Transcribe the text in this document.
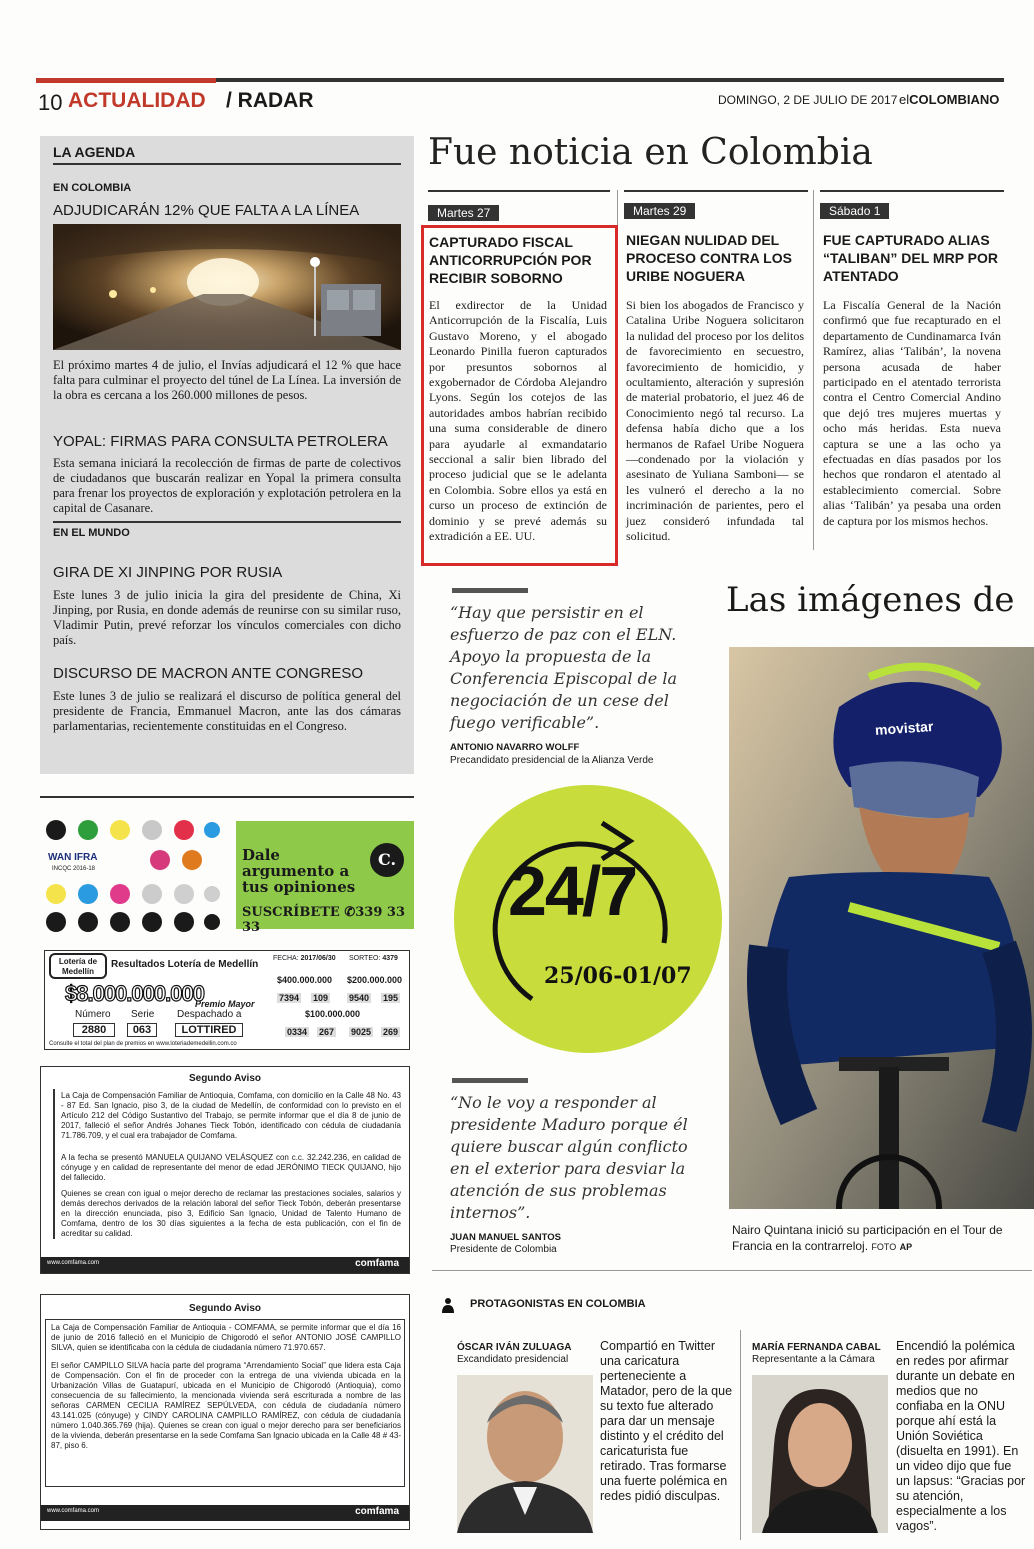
10 ACTUALIDAD / RADAR	DOMINGO, 2 DE JULIO DE 2017 elCOLOMBIANO
LA AGENDA
EN COLOMBIA
ADJUDICARÁN 12% QUE FALTA A LA LÍNEA

El próximo martes 4 de julio, el Invías adjudicará el 12 % que hace falta para culminar el proyecto del túnel de La Línea. La inversión de la obra es cercana a los 260.000 millones de pesos.

YOPAL: FIRMAS PARA CONSULTA PETROLERA

Esta semana iniciará la recolección de firmas de parte de colectivos de ciudadanos que buscarán realizar en Yopal la primera consulta para frenar los proyectos de exploración y explotación petrolera en la capital de Casanare.

EN EL MUNDO
GIRA DE XI JINPING POR RUSIA

Este lunes 3 de julio inicia la gira del presidente de China, Xi Jinping, por Rusia, en donde además de reunirse con su similar ruso, Vladimir Putin, prevé reforzar los vínculos comerciales con dicho país.

DISCURSO DE MACRON ANTE CONGRESO

Este lunes 3 de julio se realizará el discurso de política general del presidente de Francia, Emmanuel Macron, ante las dos cámaras parlamentarias, recientemente constituidas en el Congreso.

Fue noticia en Colombia
Martes 27	Martes 29	Sábado 1
CAPTURADO FISCAL ANTICORRUPCIÓN POR RECIBIR SOBORNO
NIEGAN NULIDAD DEL PROCESO CONTRA LOS URIBE NOGUERA
FUE CAPTURADO ALIAS “TALIBAN” DEL MRP POR ATENTADO

El exdirector de la Unidad Anticorrupción de la Fiscalía, Luis Gustavo Moreno, y el abogado Leonardo Pinilla fueron capturados por presuntos sobornos al exgobernador de Córdoba Alejandro Lyons. Según los cotejos de las autoridades ambos habrían recibido una suma considerable de dinero para ayudarle al exmandatario seccional a salir bien librado del proceso judicial que se le adelanta en Colombia. Sobre ellos ya está en curso un proceso de extinción de dominio y se prevé además su extradición a EE. UU.

Si bien los abogados de Francisco y Catalina Uribe Noguera solicitaron la nulidad del proceso por los delitos de favorecimiento en secuestro, favorecimiento de homicidio, y ocultamiento, alteración y supresión de material probatorio, el juez 46 de Conocimiento negó tal recurso. La defensa había dicho que a los hermanos de Rafael Uribe Noguera —condenado por la violación y asesinato de Yuliana Samboni— se les vulneró el derecho a la no incriminación de parientes, pero el juez consideró infundada tal solicitud.

La Fiscalía General de la Nación confirmó que fue recapturado en el departamento de Cundinamarca Iván Ramírez, alias ‘Talibán’, la novena persona acusada de haber participado en el atentado terrorista contra el Centro Comercial Andino que dejó tres mujeres muertas y ocho más heridas. Esta nueva captura se une a las ocho ya efectuadas en días pasados por los hechos que rondaron el atentado al establecimiento comercial. Sobre alias ‘Talibán’ ya pesaba una orden de captura por los mismos hechos.

“Hay que persistir en el esfuerzo de paz con el ELN. Apoyo la propuesta de la Conferencia Episcopal de la negociación de un cese del fuego verificable”.

ANTONIO NAVARRO WOLFF
Precandidato presidencial de la Alianza Verde
24/7
25/06-01/07

“No le voy a responder al presidente Maduro porque él quiere buscar algún conflicto en el exterior para desviar la atención de sus problemas internos”.

JUAN MANUEL SANTOS
Presidente de Colombia
Las imágenes de
movistar
Nairo Quintana inició su participación en el Tour de Francia en la contrarreloj. FOTO AP
PROTAGONISTAS EN COLOMBIA
ÓSCAR IVÁN ZULUAGA
Excandidato presidencial
Compartió en Twitter una caricatura perteneciente a Matador, pero de la que su texto fue alterado para dar un mensaje distinto y el crédito del caricaturista fue retirado. Tras formarse una fuerte polémica en redes pidió disculpas.
MARÍA FERNANDA CABAL
Representante a la Cámara
Encendió la polémica en redes por afirmar durante un debate en medios que no confiaba en la ONU porque ahí está la Unión Soviética (disuelta en 1991). En un video dijo que fue un lapsus: “Gracias por su atención, especialmente a los vagos”.
WAN IFRA
INCQC 2016-18
Dale argumento a tus opiniones
C.
SUSCRÍBETE ✆339 33 33
Lotería de Medellín
Resultados Lotería de Medellín
$8.000.000.000
Premio Mayor
Número Serie Despachado a
2880	063	LOTTIRED
FECHA: 2017/06/30 SORTEO: 4379
$400.000.000 $200.000.000
7394 109 9540 195
$100.000.000
0334 267 9025 269
Consulte el total del plan de premios en www.loteriademedellin.com.co
Segundo Aviso

La Caja de Compensación Familiar de Antioquia, Comfama, con domicilio en la Calle 48 No. 43 - 87 Ed. San Ignacio, piso 3, de la ciudad de Medellín, de conformidad con lo previsto en el Artículo 212 del Código Sustantivo del Trabajo, se permite informar que el día 8 de junio de 2017, falleció el señor Andrés Johanes Tieck Tobón, identificado con cédula de ciudadanía 71.786.709, y el cual era trabajador de Comfama.

A la fecha se presentó MANUELA QUIJANO VELÁSQUEZ con c.c. 32.242.236, en calidad de cónyuge y en calidad de representante del menor de edad JERÓNIMO TIECK QUIJANO, hijo del fallecido.

Quienes se crean con igual o mejor derecho de reclamar las prestaciones sociales, salarios y demás derechos derivados de la relación laboral del señor Tieck Tobón, deberán presentarse en la dirección enunciada, piso 3, Edificio San Ignacio, Unidad de Talento Humano de Comfama, dentro de los 30 días siguientes a la fecha de esta publicación, con el fin de acreditar su calidad.

www.comfama.com	comfama
Segundo Aviso

La Caja de Compensación Familiar de Antioquia - COMFAMA, se permite informar que el día 16 de junio de 2016 falleció en el Municipio de Chigorodó el señor ANTONIO JOSÉ CAMPILLO SILVA, quien se identificaba con la cédula de ciudadanía número 71.970.657.

El señor CAMPILLO SILVA hacía parte del programa “Arrendamiento Social” que lidera esta Caja de Compensación. Con el fin de proceder con la entrega de una vivienda ubicada en la Urbanización Villas de Guatapurí, ubicada en el Municipio de Chigorodó (Antioquia), como consecuencia de su fallecimiento, la mencionada vivienda será escriturada a nombre de las señoras CARMEN CECILIA RAMÍREZ SEPÚLVEDA, con cédula de ciudadanía número 43.141.025 (cónyuge) y CINDY CAROLINA CAMPILLO RAMÍREZ, con cédula de ciudadanía número 1.040.365.769 (hija). Quienes se crean con igual o mejor derecho para ser beneficiarios de la vivienda, deberán presentarse en la sede Comfama San Ignacio ubicada en la Calle 48 # 43- 87, piso 6.

www.comfama.com	comfama
